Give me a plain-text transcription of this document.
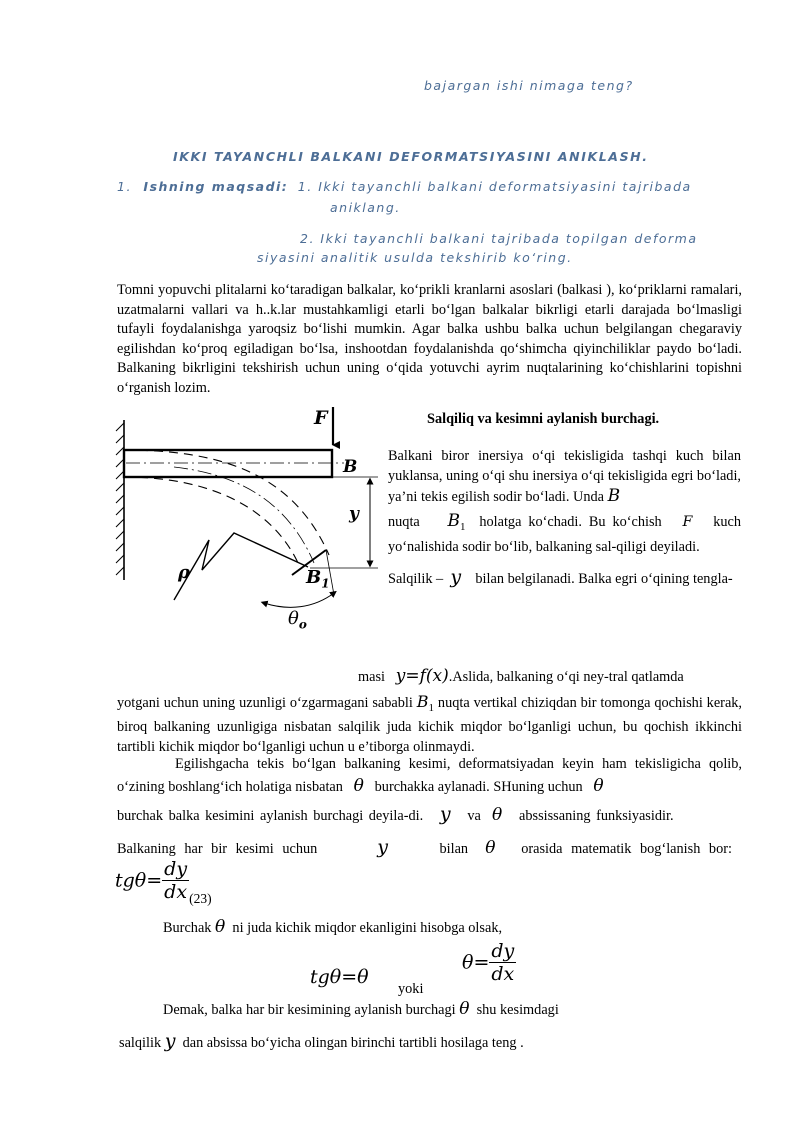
bajargan ishi nimaga teng?
IKKI TAYANCHLI BALKANI DEFORMATSIYASINI ANIKLASH.
1. Ishning maqsadi: 1. Ikki tayanchli balkani deformatsiyasini tajribada
aniklang.
2. Ikki tayanchli balkani tajribada topilgan deforma
siyasini analitik usulda tekshirib ko‘ring.

Tomni yopuvchi plitalarni ko‘taradigan balkalar, ko‘prikli kranlarni asoslari (balkasi ), ko‘priklarni ramalari, uzatmalarni vallari va h..k.lar mustahkamligi etarli bo‘lgan balkalar bikrligi etarli darajada bo‘lmasligi tufayli foydalanishga yaroqsiz bo‘lishi mumkin. Agar balka ushbu balka uchun belgilangan chegaraviy egilishdan ko‘proq egiladigan bo‘lsa, inshootdan foydalanishda qo‘shimcha qiyinchiliklar paydo bo‘ladi. Balkaning bikrligini tekshirish uchun uning o‘qida yotuvchi ayrim nuqtalarining ko‘chishlarini topishni o‘rganish lozim.

F
B
y
ρ	$B_1$
$\theta_o$
Salqiliq va kesimni aylanish burchagi.

Balkani biror inersiya o‘qi tekisligida tashqi kuch bilan yuklansa, uning o‘qi shu inersiya o‘qi tekisligida egri bo‘ladi, ya’ni tekis egilish sodir bo‘ladi. Unda B

nuqta $B_1$ holatga ko‘chadi. Bu ko‘chish F kuch yo‘nalishida sodir bo‘lib, balkaning sal-qiligi deyiladi.

Salqilik – y bilan belgilanadi. Balka egri o‘qining tengla-

masi y=f(x).Aslida, balkaning o‘qi ney-tral qatlamda

yotgani uchun uning uzunligi o‘zgarmagani sababli $B_1$ nuqta vertikal chiziqdan bir tomonga qochishi kerak, biroq balkaning uzunligiga nisbatan salqilik juda kichik miqdor bo‘lganligi uchun, bu qochish ikkinchi tartibli kichik miqdor bo‘lganligi uchun u e’tiborga olinmaydi.

Egilishgacha tekis bo‘lgan balkaning kesimi, deformatsiyadan keyin ham tekisligicha qolib, o‘zining boshlang‘ich holatiga nisbatan θ burchakka aylanadi. SHuning uchun θ

burchak balka kesimini aylanish burchagi deyila-di. y va θ abssissaning funksiyasidir.

Balkaning har bir kesimi uchun	y	bilan θ orasida matematik bog‘lanish bor:

$tg\theta= \frac{dy}{dx} _{(23)}$
Burchak θ ni juda kichik miqdor ekanligini hisobga olsak,
tgθ=θ
yoki
$\theta= \frac{dy}{dx}$
Demak, balka har bir kesimining aylanish burchagi θ shu kesimdagi
salqilik y dan absissa bo‘yicha olingan birinchi tartibli hosilaga teng .
